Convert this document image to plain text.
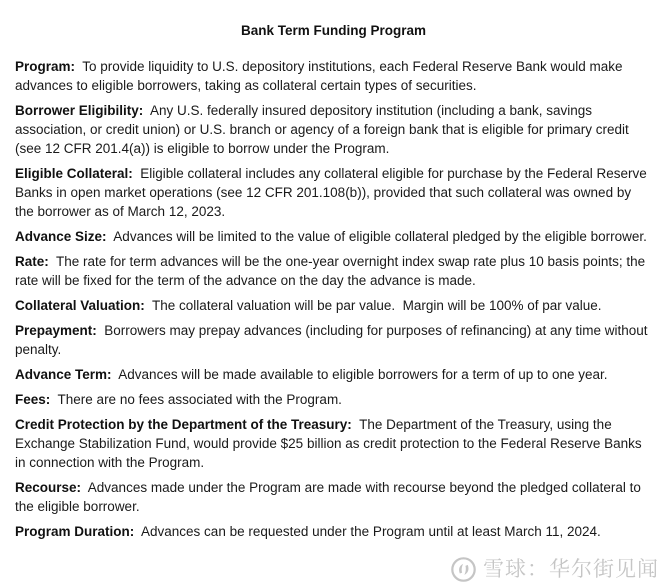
Bank Term Funding Program

Program:  To provide liquidity to U.S. depository institutions, each Federal Reserve Bank would make advances to eligible borrowers, taking as collateral certain types of securities.

Borrower Eligibility:  Any U.S. federally insured depository institution (including a bank, savings association, or credit union) or U.S. branch or agency of a foreign bank that is eligible for primary credit (see 12 CFR 201.4(a)) is eligible to borrow under the Program.

Eligible Collateral:  Eligible collateral includes any collateral eligible for purchase by the Federal Reserve Banks in open market operations (see 12 CFR 201.108(b)), provided that such collateral was owned by the borrower as of March 12, 2023.

Advance Size:  Advances will be limited to the value of eligible collateral pledged by the eligible borrower.

Rate:  The rate for term advances will be the one-year overnight index swap rate plus 10 basis points; the rate will be fixed for the term of the advance on the day the advance is made.

Collateral Valuation:  The collateral valuation will be par value.  Margin will be 100% of par value.

Prepayment:  Borrowers may prepay advances (including for purposes of refinancing) at any time without penalty.

Advance Term:  Advances will be made available to eligible borrowers for a term of up to one year.

Fees:  There are no fees associated with the Program.

Credit Protection by the Department of the Treasury:  The Department of the Treasury, using the Exchange Stabilization Fund, would provide $25 billion as credit protection to the Federal Reserve Banks in connection with the Program.

Recourse:  Advances made under the Program are made with recourse beyond the pledged collateral to the eligible borrower.

Program Duration:  Advances can be requested under the Program until at least March 11, 2024.

雪球：华尔街见闻
